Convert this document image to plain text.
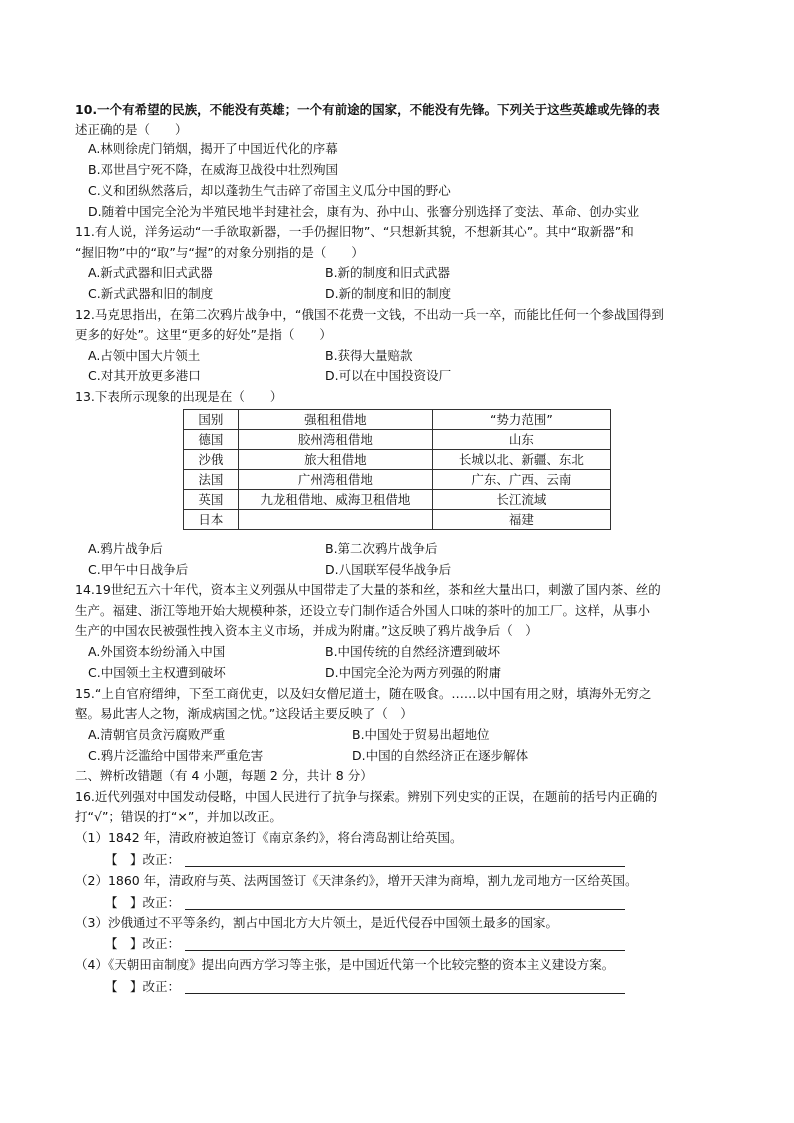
10.一个有希望的民族，不能没有英雄；一个有前途的国家，不能没有先锋。下列关于这些英雄或先锋的表
述正确的是（　　）
A.林则徐虎门销烟，揭开了中国近代化的序幕
B.邓世昌宁死不降，在威海卫战役中壮烈殉国
C.义和团纵然落后，却以蓬勃生气击碎了帝国主义瓜分中国的野心
D.随着中国完全沦为半殖民地半封建社会，康有为、孙中山、张謇分别选择了变法、革命、创办实业
11.有人说，洋务运动“一手欲取新器，一手仍握旧物”、“只想新其貌，不想新其心”。其中“取新器”和
“握旧物”中的“取”与“握”的对象分别指的是（　　）
A.新式武器和旧式武器	B.新的制度和旧式武器
C.新式武器和旧的制度	D.新的制度和旧的制度
12.马克思指出，在第二次鸦片战争中，“俄国不花费一文钱，不出动一兵一卒，而能比任何一个参战国得到
更多的好处”。这里“更多的好处”是指（　　）
A.占领中国大片领土	B.获得大量赔款
C.对其开放更多港口	D.可以在中国投资设厂
13.下表所示现象的出现是在（　　）
国别	强租租借地	“势力范围”
德国	胶州湾租借地	山东
沙俄	旅大租借地	长城以北、新疆、东北
法国	广州湾租借地	广东、广西、云南
英国	九龙租借地、威海卫租借地	长江流域
日本		福建
A.鸦片战争后	B.第二次鸦片战争后
C.甲午中日战争后	D.八国联军侵华战争后
14.19世纪五六十年代，资本主义列强从中国带走了大量的茶和丝，茶和丝大量出口，刺激了国内茶、丝的
生产。福建、浙江等地开始大规模种茶，还设立专门制作适合外国人口味的茶叶的加工厂。这样，从事小
生产的中国农民被强性拽入资本主义市场，并成为附庸。”这反映了鸦片战争后（　）
A.外国资本纷纷涌入中国	B.中国传统的自然经济遭到破坏
C.中国领土主权遭到破坏	D.中国完全沦为两方列强的附庸
15.“上自官府缙绅，下至工商优吏，以及妇女僧尼道士，随在吸食。……以中国有用之财，填海外无穷之
壑。易此害人之物，渐成病国之忧。”这段话主要反映了（　）
A.清朝官员贪污腐败严重	B.中国处于贸易出超地位
C.鸦片泛滥给中国带来严重危害	D.中国的自然经济正在逐步解体
二、辨析改错题（有 4 小题，每题 2 分，共计 8 分）
16.近代列强对中国发动侵略，中国人民进行了抗争与探索。辨别下列史实的正误，在题前的括号内正确的
打“√”；错误的打“×”，并加以改正。
（1）1842 年，清政府被迫签订《南京条约》，将台湾岛割让给英国。
【　】改正：
（2）1860 年，清政府与英、法两国签订《天津条约》，增开天津为商埠，割九龙司地方一区给英国。
【　】改正：
（3）沙俄通过不平等条约，割占中国北方大片领土，是近代侵吞中国领土最多的国家。
【　】改正：
（4）《天朝田亩制度》提出向西方学习等主张，是中国近代第一个比较完整的资本主义建设方案。
【　】改正：
